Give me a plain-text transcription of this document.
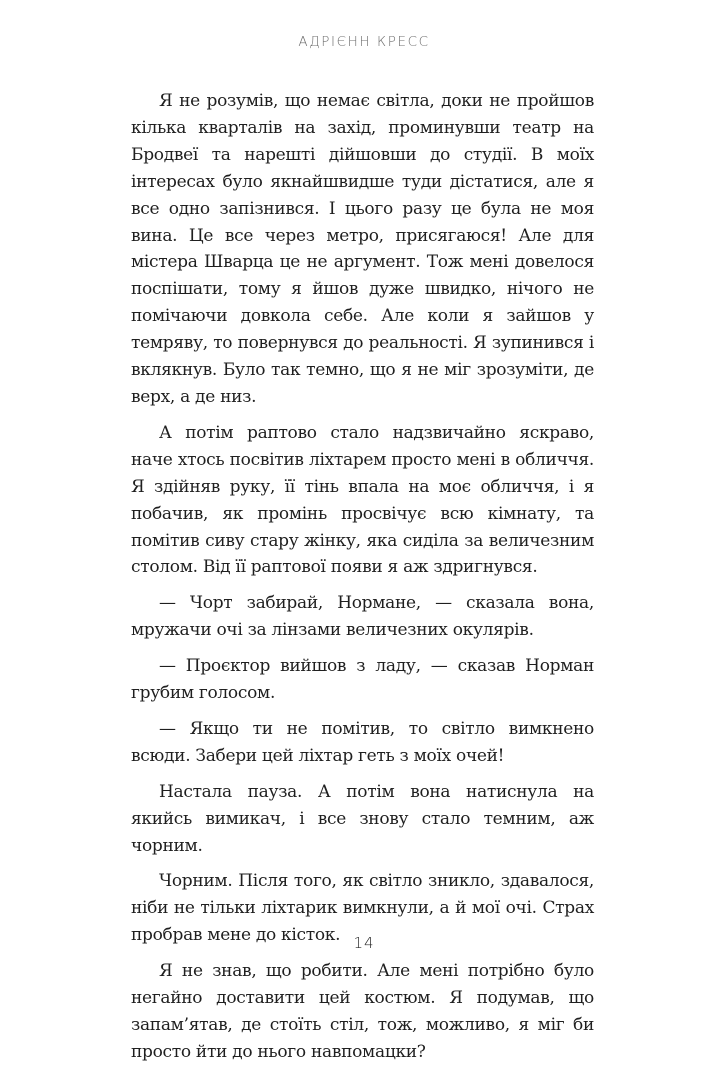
АДРІЄНН КРЕСС

Я не розумів, що немає світла, доки не пройшов кілька кварталів на захід, проминувши театр на Бродвеї та нарешті дійшовши до студії. В моїх інтересах було якнайшвидше туди дістатися, але я все одно запізнився. І цього разу це була не моя вина. Це все через метро, присягаюся! Але для містера Шварца це не аргумент. Тож мені довелося поспішати, тому я йшов дуже швидко, нічого не помічаючи довкола себе. Але коли я зайшов у темряву, то повернувся до реальності. Я зупинився і вклякнув. Було так темно, що я не міг зрозуміти, де верх, а де низ.

А потім раптово стало надзвичайно яскраво, наче хтось посвітив ліхтарем просто мені в обличчя. Я здійняв руку, її тінь впала на моє обличчя, і я побачив, як промінь просвічує всю кімнату, та помітив сиву стару жінку, яка сиділа за величезним столом. Від її раптової появи я аж здригнувся.

— Чорт забирай, Нормане, — сказала вона, мружачи очі за лінзами величезних окулярів.

— Проєктор вийшов з ладу, — сказав Норман грубим голосом.

— Якщо ти не помітив, то світло вимкнено всюди. Забери цей ліхтар геть з моїх очей!

Настала пауза. А потім вона натиснула на якийсь вимикач, і все знову стало темним, аж чорним.

Чорним. Після того, як світло зникло, здавалося, ніби не тільки ліхтарик вимкнули, а й мої очі. Страх пробрав мене до кісток.

Я не знав, що робити. Але мені потрібно було негайно доставити цей костюм. Я подумав, що запам’ятав, де стоїть стіл, тож, можливо, я міг би просто йти до нього навпомацки?

14
